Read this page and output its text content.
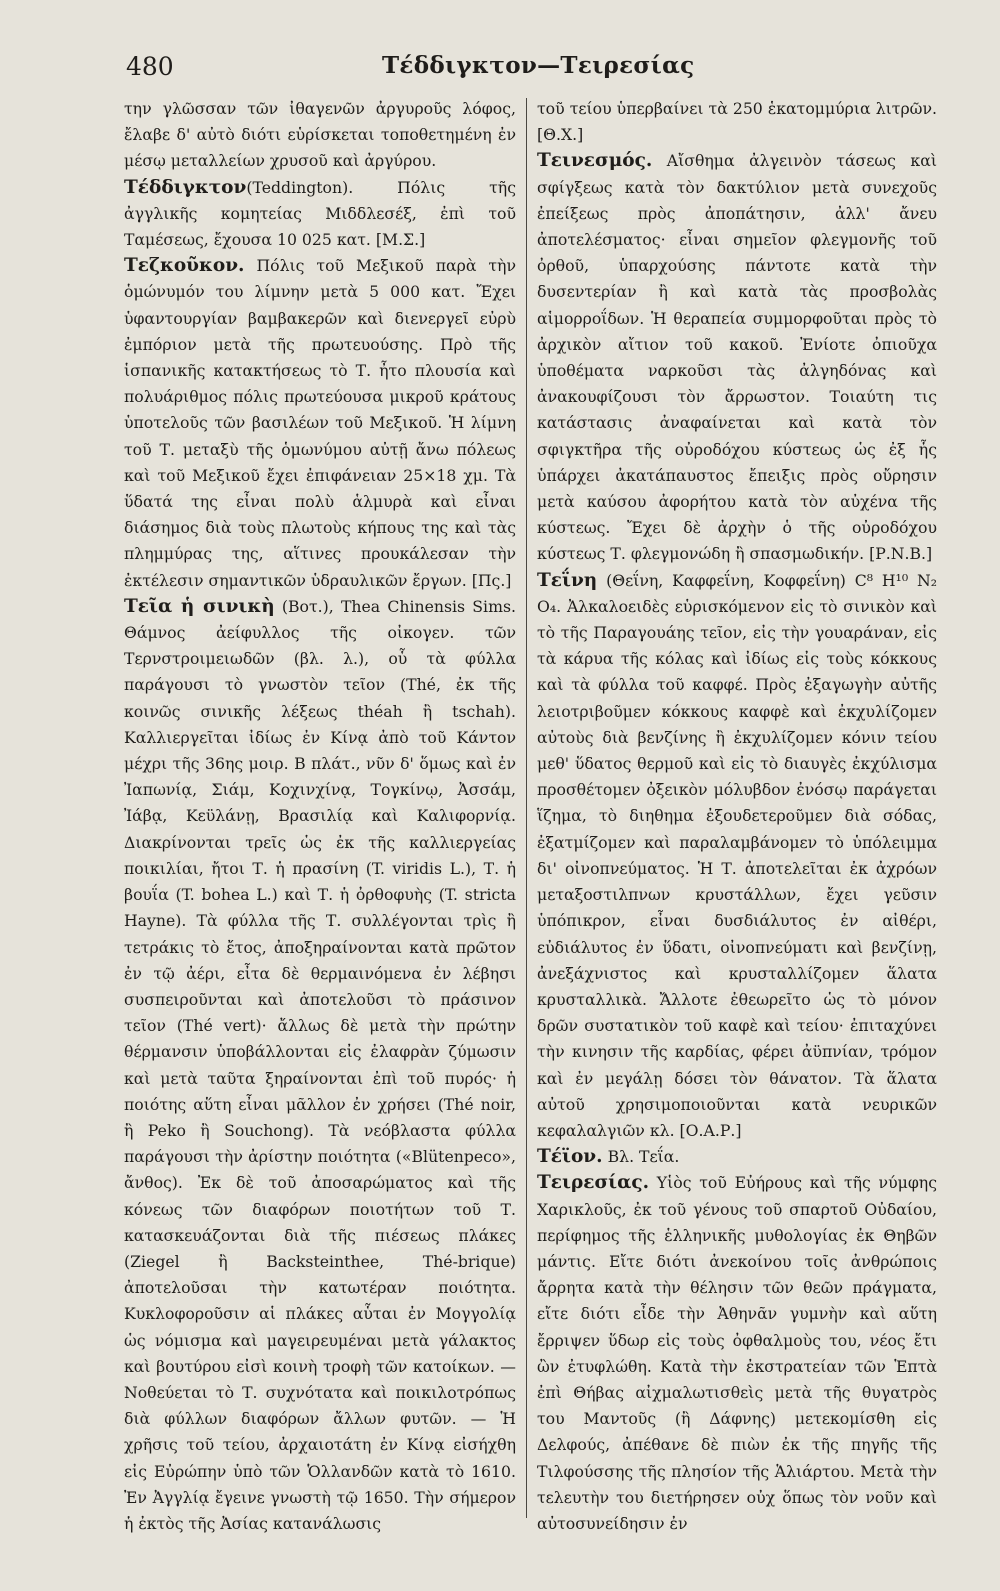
480	Τέδδιγκτον—Τειρεσίας

την γλῶσσαν τῶν ἰθαγενῶν ἀργυροῦς λόφος, ἔλαβε δ' αὐτὸ διότι εὑρίσκεται τοποθετημένη ἐν μέσῳ μεταλλείων χρυσοῦ καὶ ἀργύρου.

Τέδδιγκτον(Teddington). Πόλις τῆς ἀγγλικῆς κομητείας Μιδδλεσέξ, ἐπὶ τοῦ Ταμέσεως, ἔχουσα 10 025 κατ. [Μ.Σ.]

Τεζκοῦκον. Πόλις τοῦ Μεξικοῦ παρὰ τὴν ὁμώνυμόν του λίμνην μετὰ 5 000 κατ. Ἔχει ὑφαντουργίαν βαμβακερῶν καὶ διενεργεῖ εὐρὺ ἐμπόριον μετὰ τῆς πρωτευούσης. Πρὸ τῆς ἱσπανικῆς κατακτήσεως τὸ Τ. ἦτο πλουσία καὶ πολυάριθμος πόλις πρωτεύουσα μικροῦ κράτους ὑποτελοῦς τῶν βασιλέων τοῦ Μεξικοῦ. Ἡ λίμνη τοῦ Τ. μεταξὺ τῆς ὁμωνύμου αὐτῇ ἄνω πόλεως καὶ τοῦ Μεξικοῦ ἔχει ἐπιφάνειαν 25×18 χμ. Τὰ ὕδατά της εἶναι πολὺ ἁλμυρὰ καὶ εἶναι διάσημος διὰ τοὺς πλωτοὺς κήπους της καὶ τὰς πλημμύρας της, αἵτινες προυκάλεσαν τὴν ἐκτέλεσιν σημαντικῶν ὑδραυλικῶν ἔργων. [Πς.]

Τεῖα ἡ σινικὴ (Βοτ.), Thea Chinensis Sims. Θάμνος ἀείφυλλος τῆς οἰκογεν. τῶν Τερνστροιμειωδῶν (βλ. λ.), οὗ τὰ φύλλα παράγουσι τὸ γνωστὸν τεῖον (Thé, ἐκ τῆς κοινῶς σινικῆς λέξεως théah ἢ tschah). Καλλιεργεῖται ἰδίως ἐν Κίνᾳ ἀπὸ τοῦ Κάντον μέχρι τῆς 36ης μοιρ. Β πλάτ., νῦν δ' ὅμως καὶ ἐν Ἰαπωνίᾳ, Σιάμ, Κοχινχίνᾳ, Τογκίνῳ, Ἀσσάμ, Ἰάβᾳ, Κεϋλάνῃ, Βρασιλίᾳ καὶ Καλιφορνίᾳ. Διακρίνονται τρεῖς ὡς ἐκ τῆς καλλιεργείας ποικιλίαι, ἤτοι Τ. ἡ πρασίνη (T. viridis L.), Τ. ἡ βουΐα (T. bohea L.) καὶ Τ. ἡ ὀρθοφυὴς (T. stricta Hayne). Τὰ φύλλα τῆς Τ. συλλέγονται τρὶς ἢ τετράκις τὸ ἔτος, ἀποξηραίνονται κατὰ πρῶτον ἐν τῷ ἀέρι, εἶτα δὲ θερμαινόμενα ἐν λέβησι συσπειροῦνται καὶ ἀποτελοῦσι τὸ πράσινον τεῖον (Thé vert)· ἄλλως δὲ μετὰ τὴν πρώτην θέρμανσιν ὑποβάλλονται εἰς ἐλαφρὰν ζύμωσιν καὶ μετὰ ταῦτα ξηραίνονται ἐπὶ τοῦ πυρός· ἡ ποιότης αὕτη εἶναι μᾶλλον ἐν χρήσει (Thé noir, ἢ Peko ἢ Souchong). Τὰ νεόβλαστα φύλλα παράγουσι τὴν ἀρίστην ποιότητα («Blütenpeco», ἄνθος). Ἐκ δὲ τοῦ ἀποσαρώματος καὶ τῆς κόνεως τῶν διαφόρων ποιοτήτων τοῦ Τ. κατασκευάζονται διὰ τῆς πιέσεως πλάκες (Ziegel ἢ Backsteinthee, Thé-brique) ἀποτελοῦσαι τὴν κατωτέραν ποιότητα. Κυκλοφοροῦσιν αἱ πλάκες αὗται ἐν Μογγολίᾳ ὡς νόμισμα καὶ μαγειρευμέναι μετὰ γάλακτος καὶ βουτύρου εἰσὶ κοινὴ τροφὴ τῶν κατοίκων. — Νοθεύεται τὸ Τ. συχνότατα καὶ ποικιλοτρόπως διὰ φύλλων διαφόρων ἄλλων φυτῶν. — Ἡ χρῆσις τοῦ τείου, ἀρχαιοτάτη ἐν Κίνᾳ εἰσήχθη εἰς Εὐρώπην ὑπὸ τῶν Ὁλλανδῶν κατὰ τὸ 1610. Ἐν Ἀγγλίᾳ ἔγεινε γνωστὴ τῷ 1650. Τὴν σήμερον ἡ ἐκτὸς τῆς Ἀσίας κατανάλωσις

τοῦ τείου ὑπερβαίνει τὰ 250 ἑκατομμύρια λιτρῶν. [Θ.Χ.]

Τεινεσμός. Αἴσθημα ἀλγεινὸν τάσεως καὶ σφίγξεως κατὰ τὸν δακτύλιον μετὰ συνεχοῦς ἐπείξεως πρὸς ἀποπάτησιν, ἀλλ' ἄνευ ἀποτελέσματος· εἶναι σημεῖον φλεγμονῆς τοῦ ὀρθοῦ, ὑπαρχούσης πάντοτε κατὰ τὴν δυσεντερίαν ἢ καὶ κατὰ τὰς προσβολὰς αἱμορροΐδων. Ἡ θεραπεία συμμορφοῦται πρὸς τὸ ἀρχικὸν αἴτιον τοῦ κακοῦ. Ἐνίοτε ὀπιοῦχα ὑποθέματα ναρκοῦσι τὰς ἀλγηδόνας καὶ ἀνακουφίζουσι τὸν ἄρρωστον. Τοιαύτη τις κατάστασις ἀναφαίνεται καὶ κατὰ τὸν σφιγκτῆρα τῆς οὐροδόχου κύστεως ὡς ἐξ ἧς ὑπάρχει ἀκατάπαυστος ἔπειξις πρὸς οὔρησιν μετὰ καύσου ἀφορήτου κατὰ τὸν αὐχένα τῆς κύστεως. Ἔχει δὲ ἀρχὴν ὁ τῆς οὐροδόχου κύστεως Τ. φλεγμονώδη ἢ σπασμωδικήν. [Ρ.Ν.Β.]

Τεΐνη (Θεΐνη, Καφφεΐνη, Κοφφεΐνη) C⁸ H¹⁰ N₂ O₄. Ἀλκαλοειδὲς εὑρισκόμενον εἰς τὸ σινικὸν καὶ τὸ τῆς Παραγουάης τεῖον, εἰς τὴν γουαράναν, εἰς τὰ κάρυα τῆς κόλας καὶ ἰδίως εἰς τοὺς κόκκους καὶ τὰ φύλλα τοῦ καφφέ. Πρὸς ἐξαγωγὴν αὐτῆς λειοτριβοῦμεν κόκκους καφφὲ καὶ ἐκχυλίζομεν αὐτοὺς διὰ βενζίνης ἢ ἐκχυλίζομεν κόνιν τείου μεθ' ὕδατος θερμοῦ καὶ εἰς τὸ διαυγὲς ἐκχύλισμα προσθέτομεν ὀξεικὸν μόλυβδον ἐνόσῳ παράγεται ἵζημα, τὸ διηθημα ἐξουδετεροῦμεν διὰ σόδας, ἐξατμίζομεν καὶ παραλαμβάνομεν τὸ ὑπόλειμμα δι' οἰνοπνεύματος. Ἡ Τ. ἀποτελεῖται ἐκ ἀχρόων μεταξοστιλπνων κρυστάλλων, ἔχει γεῦσιν ὑπόπικρον, εἶναι δυσδιάλυτος ἐν αἰθέρι, εὐδιάλυτος ἐν ὕδατι, οἰνοπνεύματι καὶ βενζίνῃ, ἀνεξάχνιστος καὶ κρυσταλλίζομεν ἅλατα κρυσταλλικὰ. Ἄλλοτε ἐθεωρεῖτο ὡς τὸ μόνον δρῶν συστατικὸν τοῦ καφὲ καὶ τείου· ἐπιταχύνει τὴν κινησιν τῆς καρδίας, φέρει ἀϋπνίαν, τρόμον καὶ ἐν μεγάλῃ δόσει τὸν θάνατον. Τὰ ἅλατα αὐτοῦ χρησιμοποιοῦνται κατὰ νευρικῶν κεφαλαλγιῶν κλ. [Ο.Α.Ρ.]

Τέϊον. Βλ. Τεΐα.

Τειρεσίας. Υἱὸς τοῦ Εὐήρους καὶ τῆς νύμφης Χαρικλοῦς, ἐκ τοῦ γένους τοῦ σπαρτοῦ Οὐδαίου, περίφημος τῆς ἑλληνικῆς μυθολογίας ἐκ Θηβῶν μάντις. Εἴτε διότι ἀνεκοίνου τοῖς ἀνθρώποις ἄρρητα κατὰ τὴν θέλησιν τῶν θεῶν πράγματα, εἴτε διότι εἶδε τὴν Ἀθηνᾶν γυμνὴν καὶ αὕτη ἔρριψεν ὕδωρ εἰς τοὺς ὀφθαλμοὺς του, νέος ἔτι ὢν ἐτυφλώθη. Κατὰ τὴν ἐκστρατείαν τῶν Ἑπτὰ ἐπὶ Θήβας αἰχμαλωτισθεὶς μετὰ τῆς θυγατρὸς του Μαντοῦς (ἢ Δάφνης) μετεκομίσθη εἰς Δελφούς, ἀπέθανε δὲ πιὼν ἐκ τῆς πηγῆς τῆς Τιλφούσσης τῆς πλησίον τῆς Ἁλιάρτου. Μετὰ τὴν τελευτὴν του διετήρησεν οὐχ ὅπως τὸν νοῦν καὶ αὐτοσυνείδησιν ἐν
